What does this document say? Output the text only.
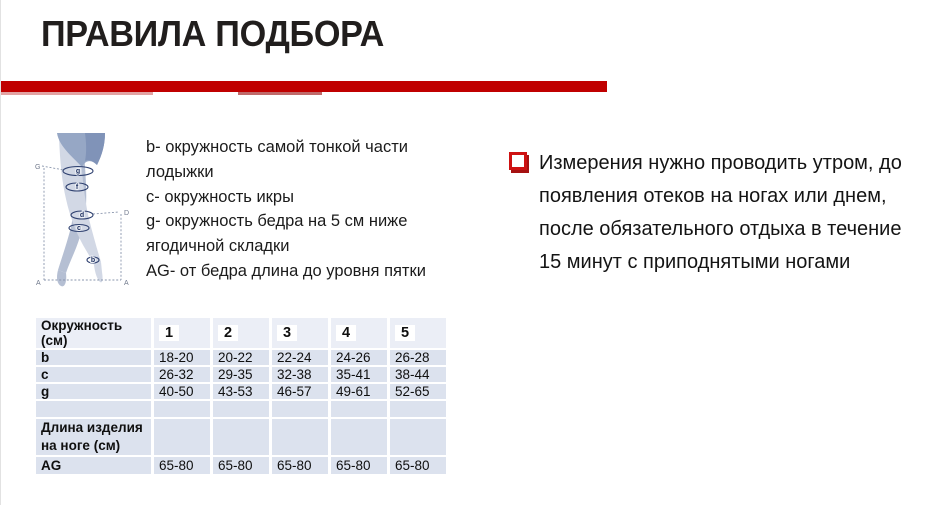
ПРАВИЛА ПОДБОРА
g
f
d
c
b
G
D
A	A
b- окружность самой тонкой части лодыжки
c- окружность икры
g- окружность бедра на 5 см ниже ягодичной складки
AG- от бедра длина до уровня пятки
Измерения нужно проводить утром, до появления отеков на ногах или днем, после обязательного отдыха в течение 15 минут с приподнятыми ногами
Окружность (см)	1	2	3	4	5
b	18-20	20-22	22-24	24-26	26-28
c	26-32	29-35	32-38	35-41	38-44
g	40-50	43-53	46-57	49-61	52-65

Длина изделия на ноге (см)					
AG	65-80	65-80	65-80	65-80	65-80
